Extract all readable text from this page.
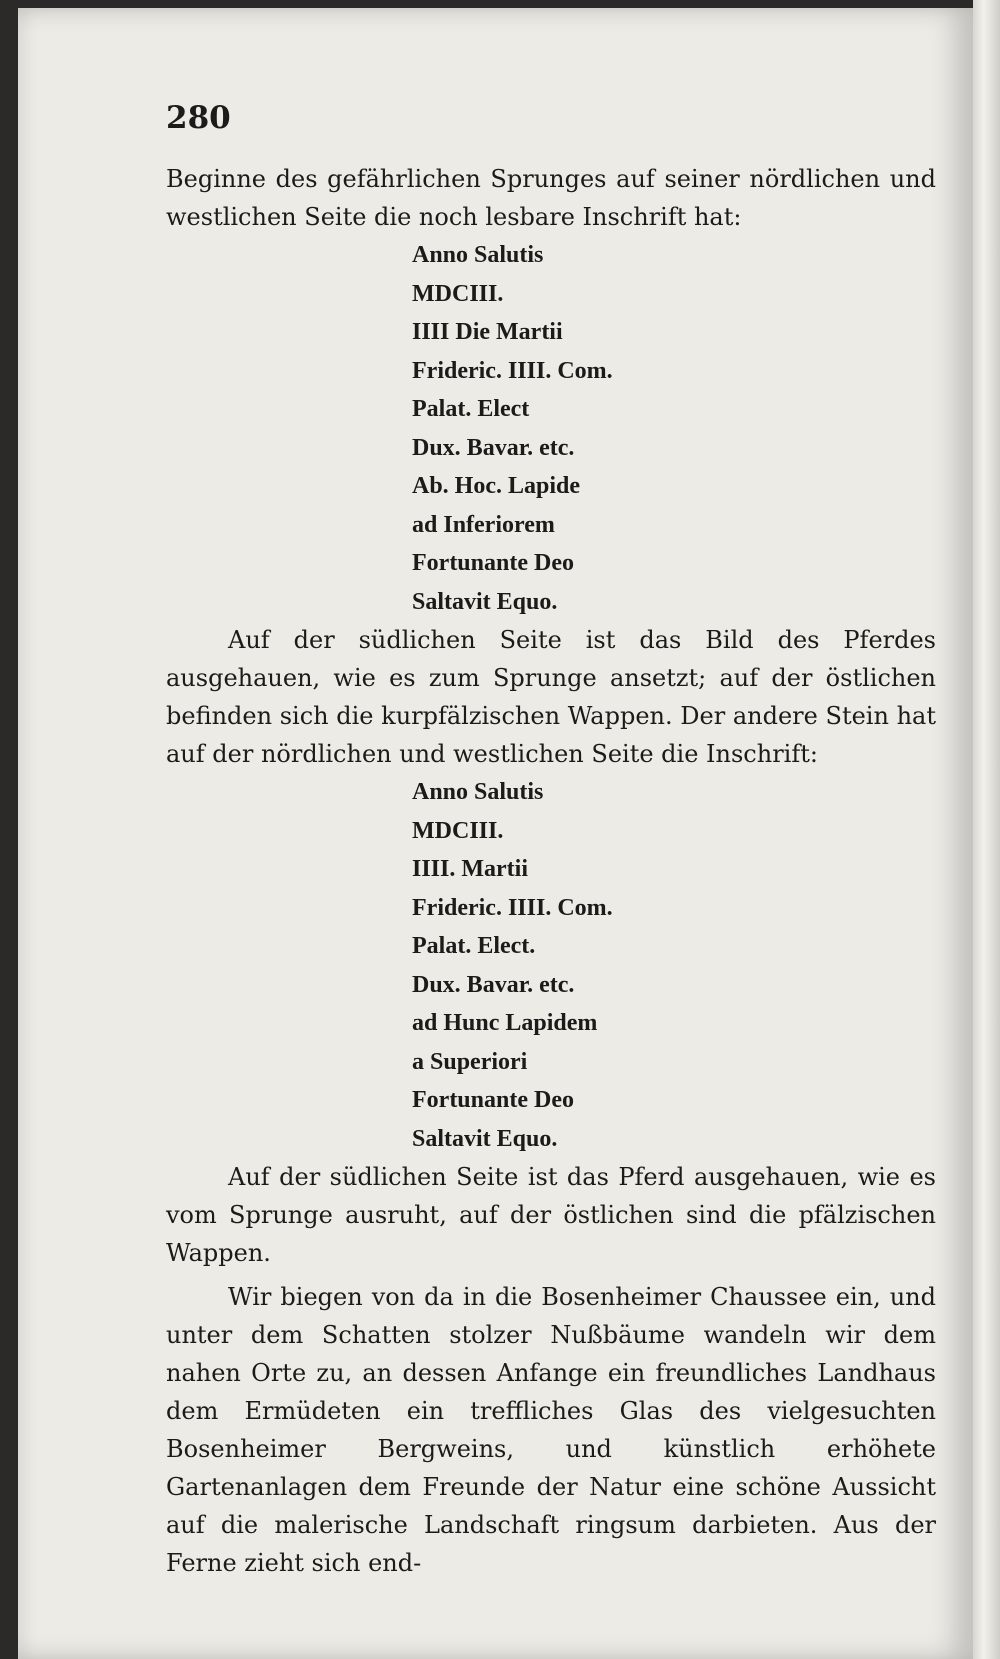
280

Beginne des gefährlichen Sprunges auf seiner nördlichen und westlichen Seite die noch lesbare Inschrift hat:

Anno Salutis
MDCIII.
IIII Die Martii
Frideric. IIII. Com.
Palat. Elect
Dux. Bavar. etc.
Ab. Hoc. Lapide
ad Inferiorem
Fortunante Deo
Saltavit Equo.

Auf der südlichen Seite ist das Bild des Pferdes ausgehauen, wie es zum Sprunge ansetzt; auf der östlichen befinden sich die kurpfälzischen Wappen. Der andere Stein hat auf der nördlichen und westlichen Seite die Inschrift:

Anno Salutis
MDCIII.
IIII. Martii
Frideric. IIII. Com.
Palat. Elect.
Dux. Bavar. etc.
ad Hunc Lapidem
a Superiori
Fortunante Deo
Saltavit Equo.

Auf der südlichen Seite ist das Pferd ausgehauen, wie es vom Sprunge ausruht, auf der östlichen sind die pfälzischen Wappen.

Wir biegen von da in die Bosenheimer Chaussee ein, und unter dem Schatten stolzer Nußbäume wandeln wir dem nahen Orte zu, an dessen Anfange ein freundliches Landhaus dem Ermüdeten ein treffliches Glas des vielgesuchten Bosenheimer Bergweins, und künstlich erhöhete Gartenanlagen dem Freunde der Natur eine schöne Aussicht auf die malerische Landschaft ringsum darbieten. Aus der Ferne zieht sich end-
